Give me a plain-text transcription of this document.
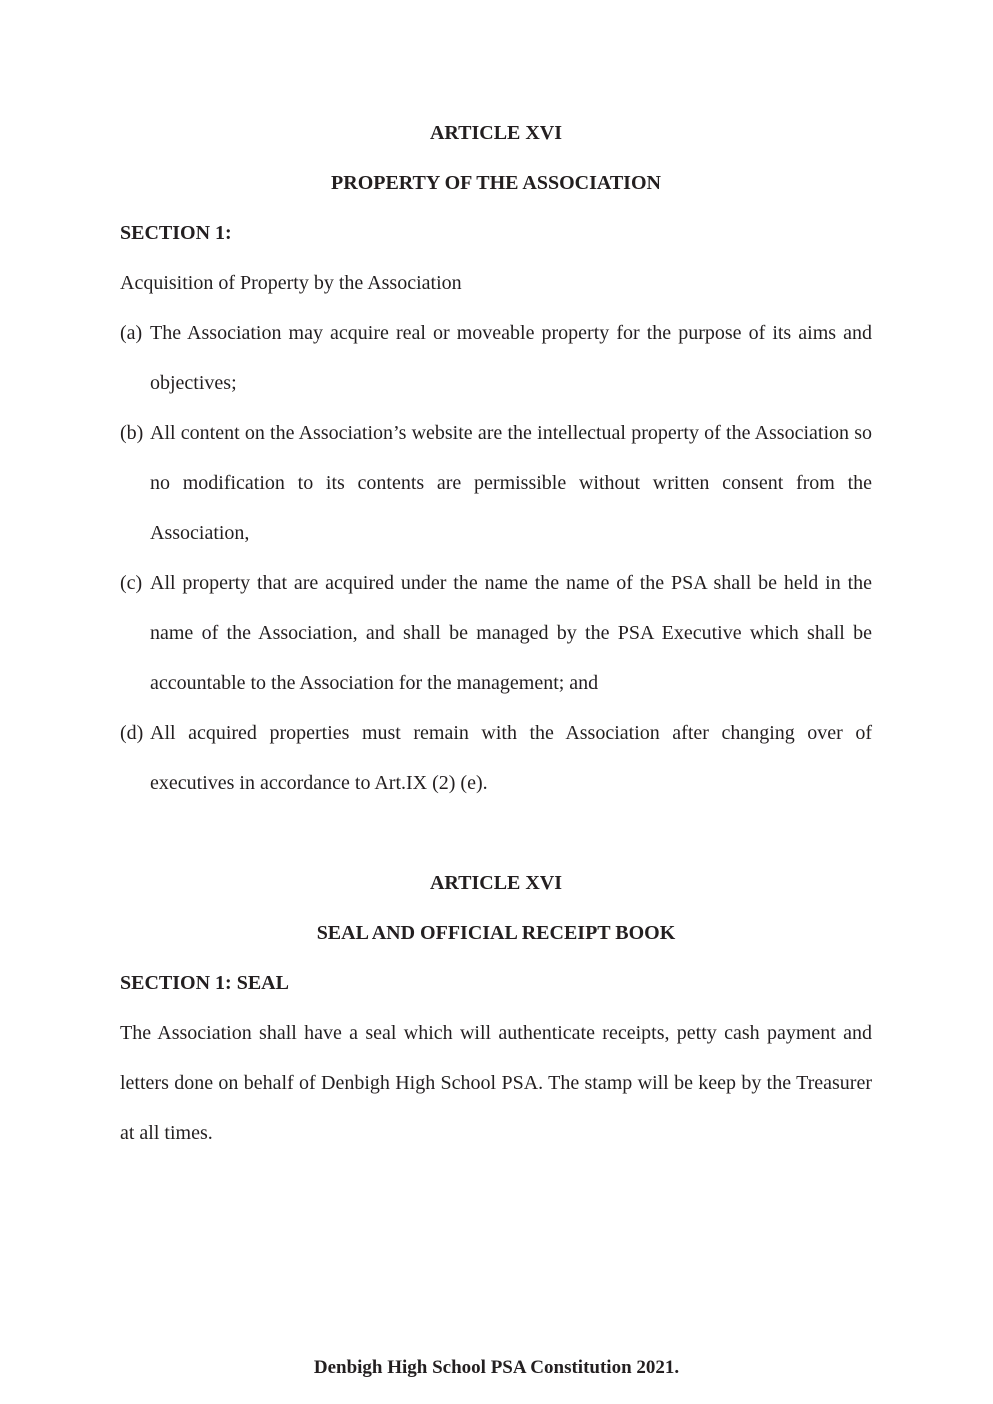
ARTICLE XVI
PROPERTY OF THE ASSOCIATION
SECTION 1:
Acquisition of Property by the Association
(a) The Association may acquire real or moveable property for the purpose of its aims and objectives;
(b) All content on the Association’s website are the intellectual property of the Association so no modification to its contents are permissible without written consent from the Association,
(c) All property that are acquired under the name the name of the PSA shall be held in the name of the Association, and shall be managed by the PSA Executive which shall be accountable to the Association for the management; and
(d) All acquired properties must remain with the Association after changing over of executives in accordance to Art.IX (2) (e).
ARTICLE XVI
SEAL AND OFFICIAL RECEIPT BOOK
SECTION 1: SEAL
The Association shall have a seal which will authenticate receipts, petty cash payment and letters done on behalf of Denbigh High School PSA. The stamp will be keep by the Treasurer at all times.
Denbigh High School PSA Constitution 2021.
